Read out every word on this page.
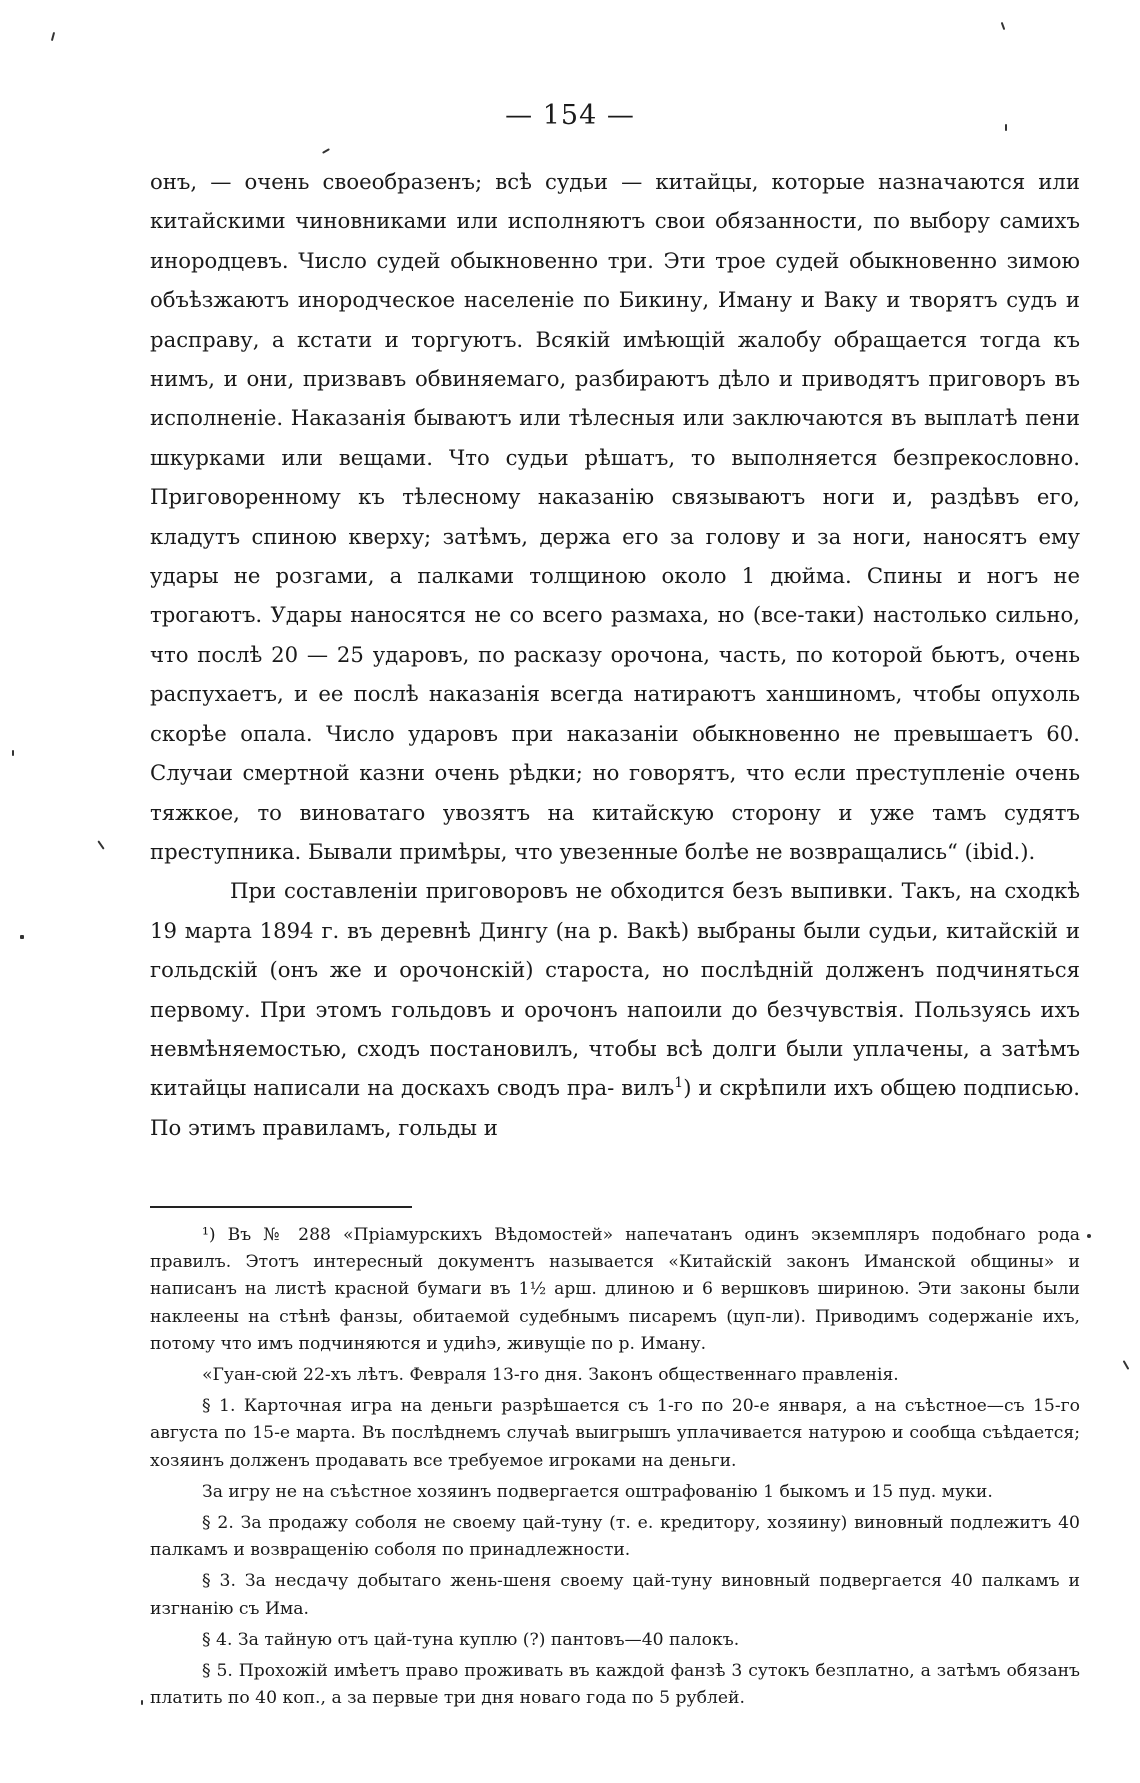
— 154 —

онъ, — очень своеобразенъ; всѣ судьи — китайцы, которые назначаются или китайскими чиновниками или исполняютъ свои обязанности, по выбору самихъ инородцевъ. Число судей обыкновенно три. Эти трое судей обыкновенно зимою объѣзжаютъ инородческое населеніе по Бикину, Иману и Ваку и творятъ судъ и расправу, а кстати и торгуютъ. Всякій имѣющій жалобу обращается тогда къ нимъ, и они, призвавъ обвиняемаго, разбираютъ дѣло и приводятъ приговоръ въ исполненіе. Наказанія бываютъ или тѣлесныя или заключаются въ выплатѣ пени шкурками или вещами. Что судьи рѣшатъ, то выполняется безпрекословно. Приговоренному къ тѣлесному наказанію связываютъ ноги и, раздѣвъ его, кладутъ спиною кверху; затѣмъ, держа его за голову и за ноги, наносятъ ему удары не розгами, а палками толщиною около 1 дюйма. Спины и ногъ не трогаютъ. Удары наносятся не со всего размаха, но (все-таки) настолько сильно, что послѣ 20 — 25 ударовъ, по расказу орочона, часть, по которой бьютъ, очень распухаетъ, и ее послѣ наказанія всегда натираютъ ханшиномъ, чтобы опухоль скорѣе опала. Число ударовъ при наказаніи обыкновенно не превышаетъ 60. Случаи смертной казни очень рѣдки; но говорятъ, что если преступленіе очень тяжкое, то виноватаго увозятъ на китайскую сторону и уже тамъ судятъ преступника. Бывали примѣры, что увезенные болѣе не возвращались“ (ibid.).

При составленіи приговоровъ не обходится безъ выпивки. Такъ, на сходкѣ 19 марта 1894 г. въ деревнѣ Дингу (на р. Вакѣ) выбраны были судьи, китайскій и гольдскій (онъ же и орочонскій) староста, но послѣдній долженъ подчиняться первому. При этомъ гольдовъ и орочонъ напоили до безчувствія. Пользуясь ихъ невмѣняемостью, сходъ постановилъ, чтобы всѣ долги были уплачены, а затѣмъ китайцы написали на доскахъ сводъ пра- вилъ$^1$) и скрѣпили ихъ общею подписью. По этимъ правиламъ, гольды и

¹) Въ № 288 «Пріамурскихъ Вѣдомостей» напечатанъ одинъ экземпляръ подобнаго рода правилъ. Этотъ интересный документъ называется «Китайскій законъ Иманской общины» и написанъ на листѣ красной бумаги въ 1½ арш. длиною и 6 вершковъ шириною. Эти законы были наклеены на стѣнѣ фанзы, обитаемой судебнымъ писаремъ (цуп-ли). Приводимъ содержаніе ихъ, потому что имъ подчиняются и удиһэ, живущіе по р. Иману.

«Гуан-сюй 22-хъ лѣтъ. Февраля 13-го дня. Законъ общественнаго правленія.

§ 1. Карточная игра на деньги разрѣшается съ 1-го по 20-е января, а на съѣстное—съ 15-го августа по 15-е марта. Въ послѣднемъ случаѣ выигрышъ уплачивается натурою и сообща съѣдается; хозяинъ долженъ продавать все требуемое игроками на деньги.

За игру не на съѣстное хозяинъ подвергается оштрафованію 1 быкомъ и 15 пуд. муки.

§ 2. За продажу соболя не своему цай-туну (т. е. кредитору, хозяину) виновный подлежитъ 40 палкамъ и возвращенію соболя по принадлежности.

§ 3. За несдачу добытаго жень-шеня своему цай-туну виновный подвергается 40 палкамъ и изгнанію съ Има.

§ 4. За тайную отъ цай-туна куплю (?) пантовъ—40 палокъ.

§ 5. Прохожій имѣетъ право проживать въ каждой фанзѣ 3 сутокъ безплатно, а затѣмъ обязанъ платить по 40 коп., а за первые три дня новаго года по 5 рублей.
